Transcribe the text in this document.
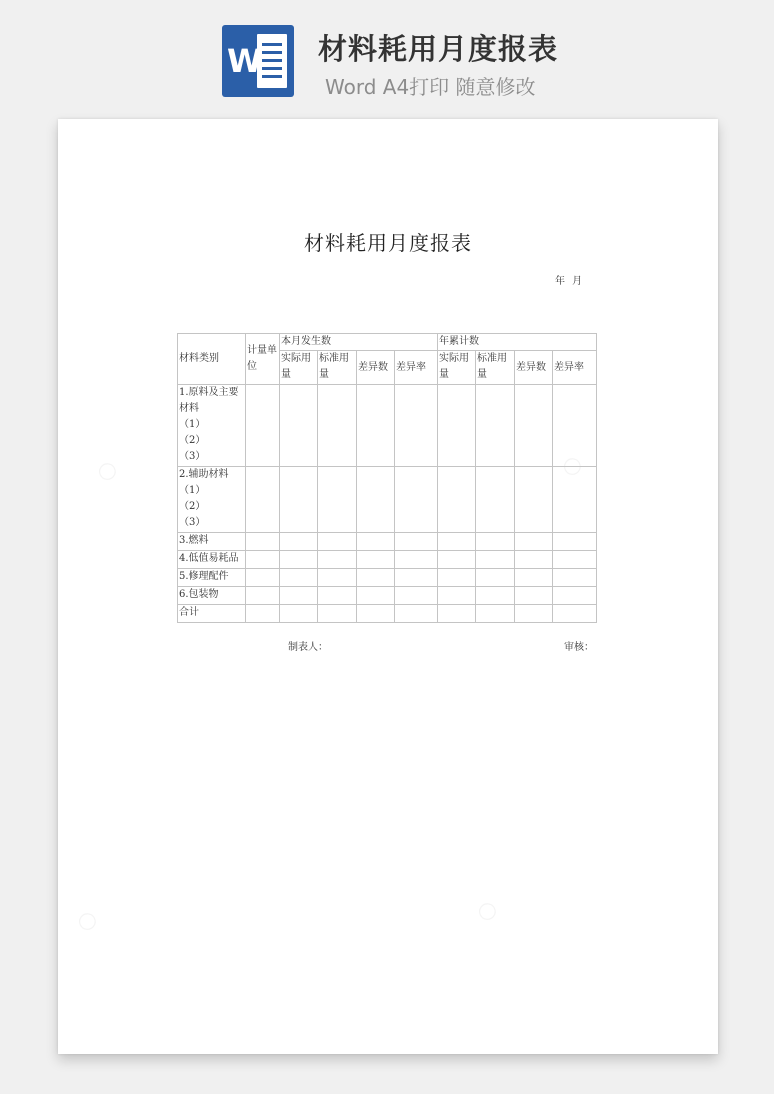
W 材料耗用月度报表
Word A4打印 随意修改
材料耗用月度报表
年 月
材料类别	计量单位	本月发生数				年累计数			
		实际用量	标准用量	差异数	差异率	实际用量	标准用量	差异数	差异率

1.原料及主要材料
（1）
（2）
（3）									

2.辅助材料
（1）
（2）
（3）									

3.燃料									

4.低值易耗品									

5.修理配件									

6.包装物									

合计									

制表人：	审核：
